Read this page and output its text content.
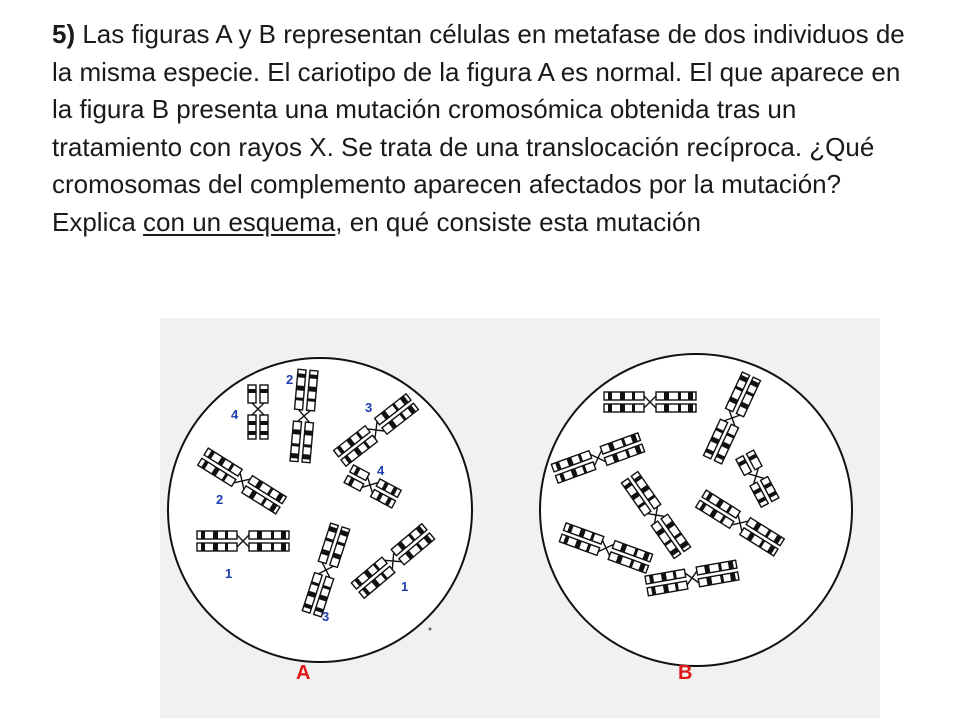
5) Las figuras A y B representan células en metafase de dos individuos de la misma especie. El cariotipo de la figura A es normal. El que aparece en la figura B presenta una mutación cromosómica obtenida tras un tratamiento con rayos X. Se trata de una translocación recíproca. ¿Qué cromosomas del complemento aparecen afectados por la mutación? Explica con un esquema, en qué consiste esta mutación
2
4	3
4
2
1
1
3
A	B
